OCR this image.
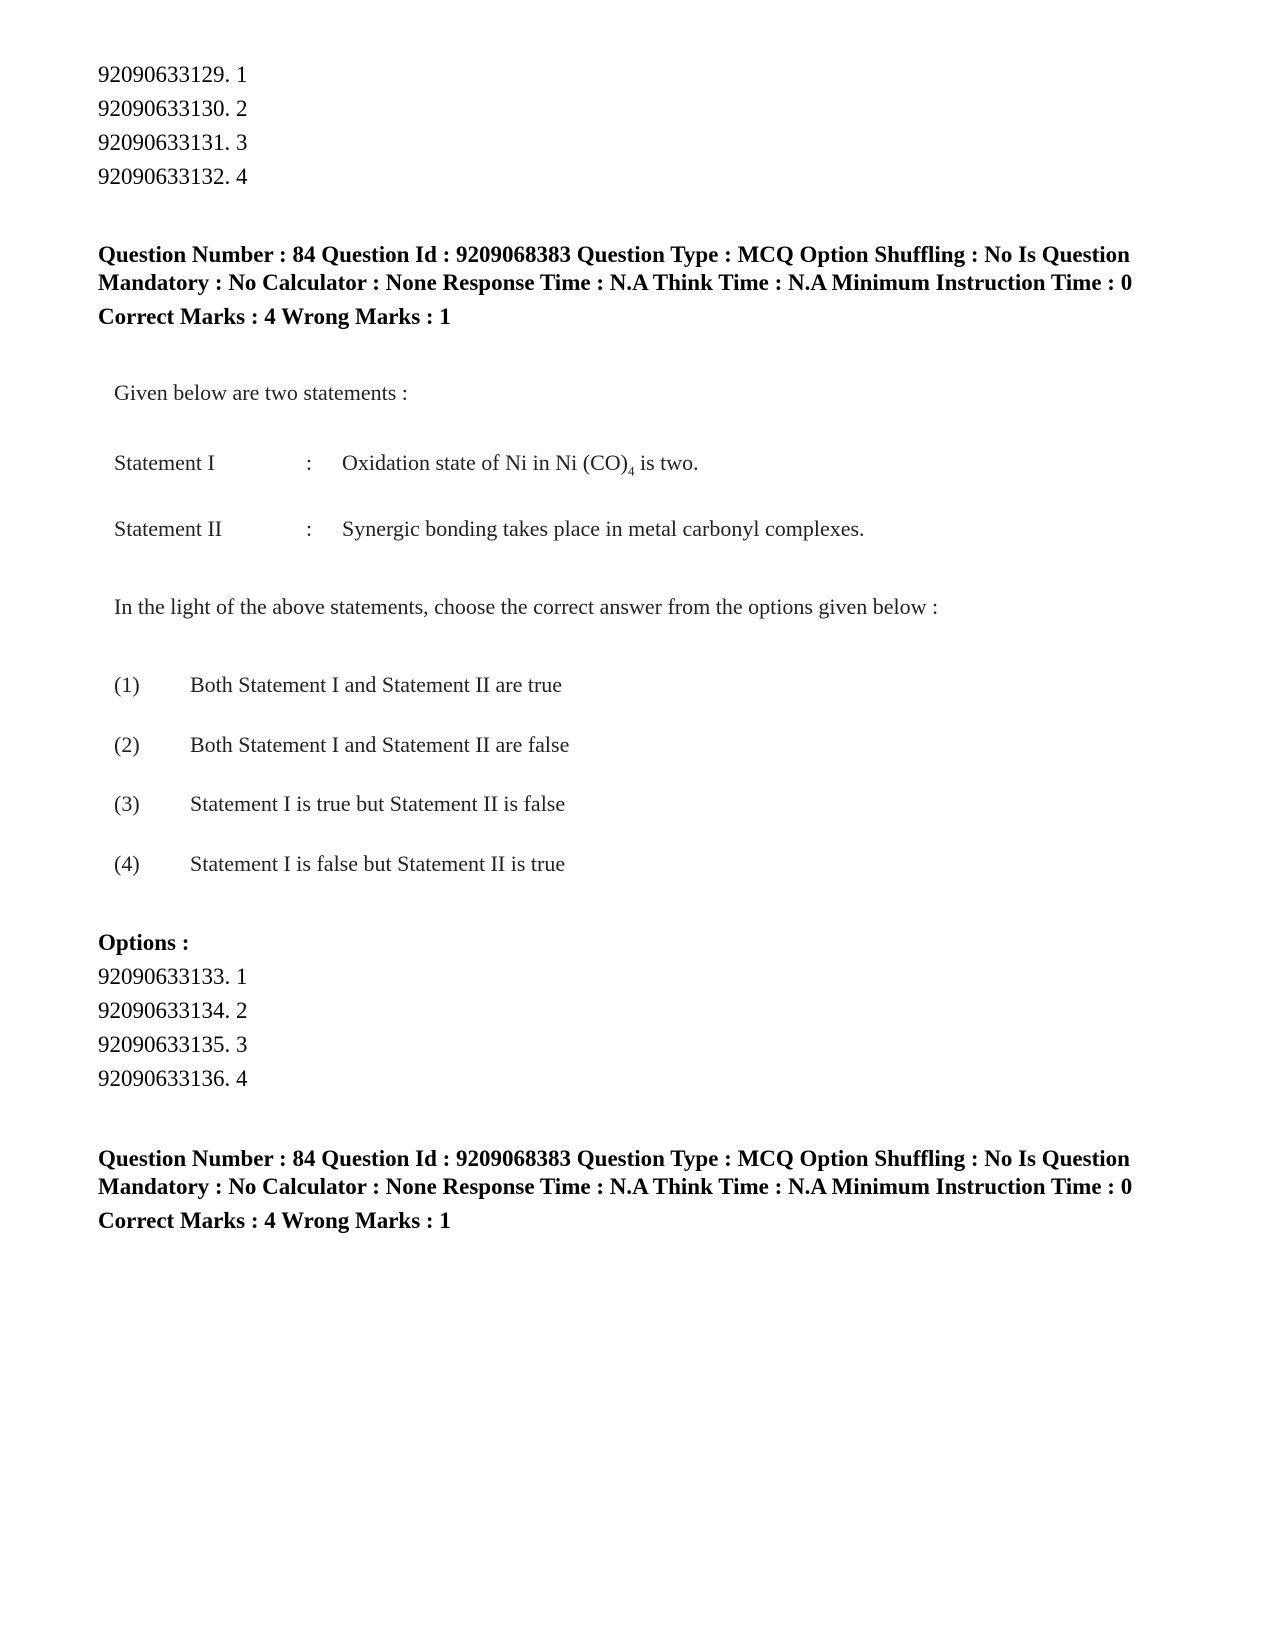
92090633129. 1
92090633130. 2
92090633131. 3
92090633132. 4
Question Number : 84 Question Id : 9209068383 Question Type : MCQ Option Shuffling : No Is Question Mandatory : No Calculator : None Response Time : N.A Think Time : N.A Minimum Instruction Time : 0
Correct Marks : 4 Wrong Marks : 1
Given below are two statements :
Statement I	: Oxidation state of Ni in Ni $(CO)_4$ is two.
Statement II	: Synergic bonding takes place in metal carbonyl complexes.
In the light of the above statements, choose the correct answer from the options given below :
(1) Both Statement I and Statement II are true
(2) Both Statement I and Statement II are false
(3) Statement I is true but Statement II is false
(4) Statement I is false but Statement II is true
Options :
92090633133. 1
92090633134. 2
92090633135. 3
92090633136. 4
Question Number : 84 Question Id : 9209068383 Question Type : MCQ Option Shuffling : No Is Question Mandatory : No Calculator : None Response Time : N.A Think Time : N.A Minimum Instruction Time : 0
Correct Marks : 4 Wrong Marks : 1
